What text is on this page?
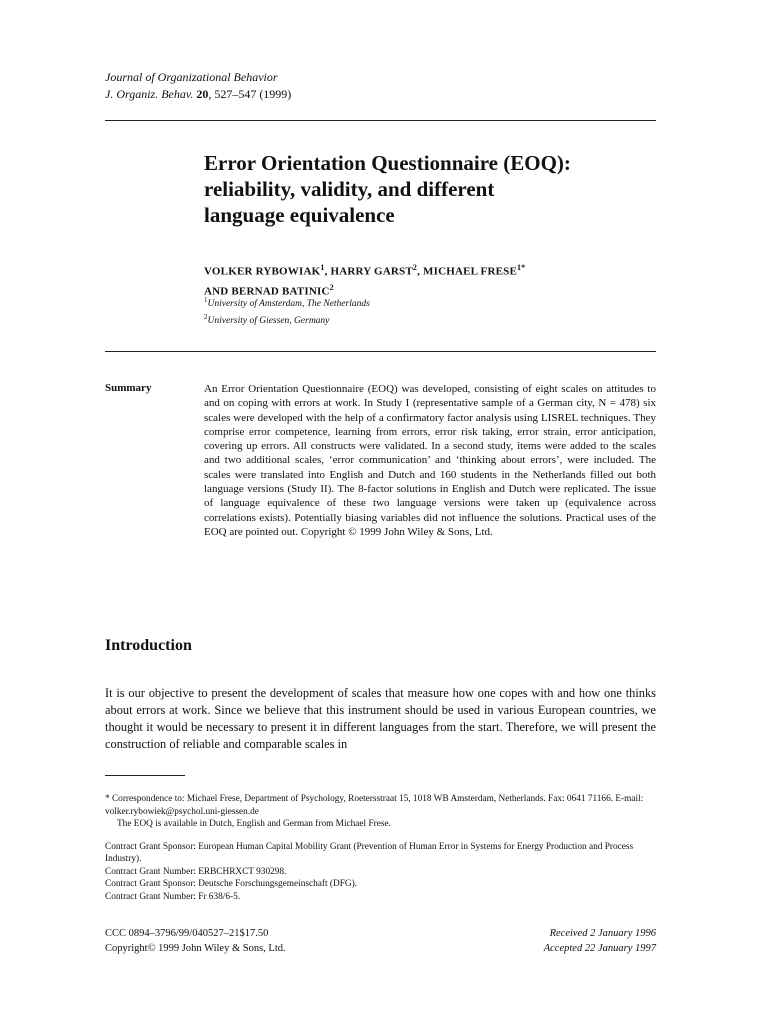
Journal of Organizational Behavior
J. Organiz. Behav. 20, 527–547 (1999)
Error Orientation Questionnaire (EOQ):
reliability, validity, and different
language equivalence
VOLKER RYBOWIAK$^1$, HARRY GARST$^2$, MICHAEL $FRESE^{1*}$
AND BERNAD BATINIC$^2$
$^1$University of Amsterdam, The Netherlands
$^2$University of Giessen, Germany
Summary	An Error Orientation Questionnaire (EOQ) was developed, consisting of eight scales on attitudes to and on coping with errors at work. In Study I (representative sample of a German city, N = 478) six scales were developed with the help of a confirmatory factor analysis using LISREL techniques. They comprise error competence, learning from errors, error risk taking, error strain, error anticipation, covering up errors. All constructs were validated. In a second study, items were added to the scales and two additional scales, ‘error communication’ and ‘thinking about errors’, were included. The scales were translated into English and Dutch and 160 students in the Netherlands filled out both language versions (Study II). The 8-factor solutions in English and Dutch were replicated. The issue of language equivalence of these two language versions were taken up (equivalence across correlations exists). Potentially biasing variables did not influence the solutions. Practical uses of the EOQ are pointed out. Copyright © 1999 John Wiley & Sons, Ltd.
Introduction
It is our objective to present the development of scales that measure how one copes with and how one thinks about errors at work. Since we believe that this instrument should be used in various European countries, we thought it would be necessary to present it in different languages from the start. Therefore, we will present the construction of reliable and comparable scales in

* Correspondence to: Michael Frese, Department of Psychology, Roetersstraat 15, 1018 WB Amsterdam, Netherlands. Fax: 0641 71166. E-mail: volker.rybowiek@psychol.uni-giessen.de

The EOQ is available in Dutch, English and German from Michael Frese.

Contract Grant Sponsor: European Human Capital Mobility Grant (Prevention of Human Error in Systems for Energy Production and Process Industry).

Contract Grant Number: ERBCHRXCT 930298.

Contract Grant Sponsor: Deutsche Forschungsgemeinschaft (DFG).

Contract Grant Number: Fr 638/6-5.

CCC 0894–3796/99/040527–21$17.50
Copyright© 1999 John Wiley & Sons, Ltd.
Received 2 January 1996
Accepted 22 January 1997
